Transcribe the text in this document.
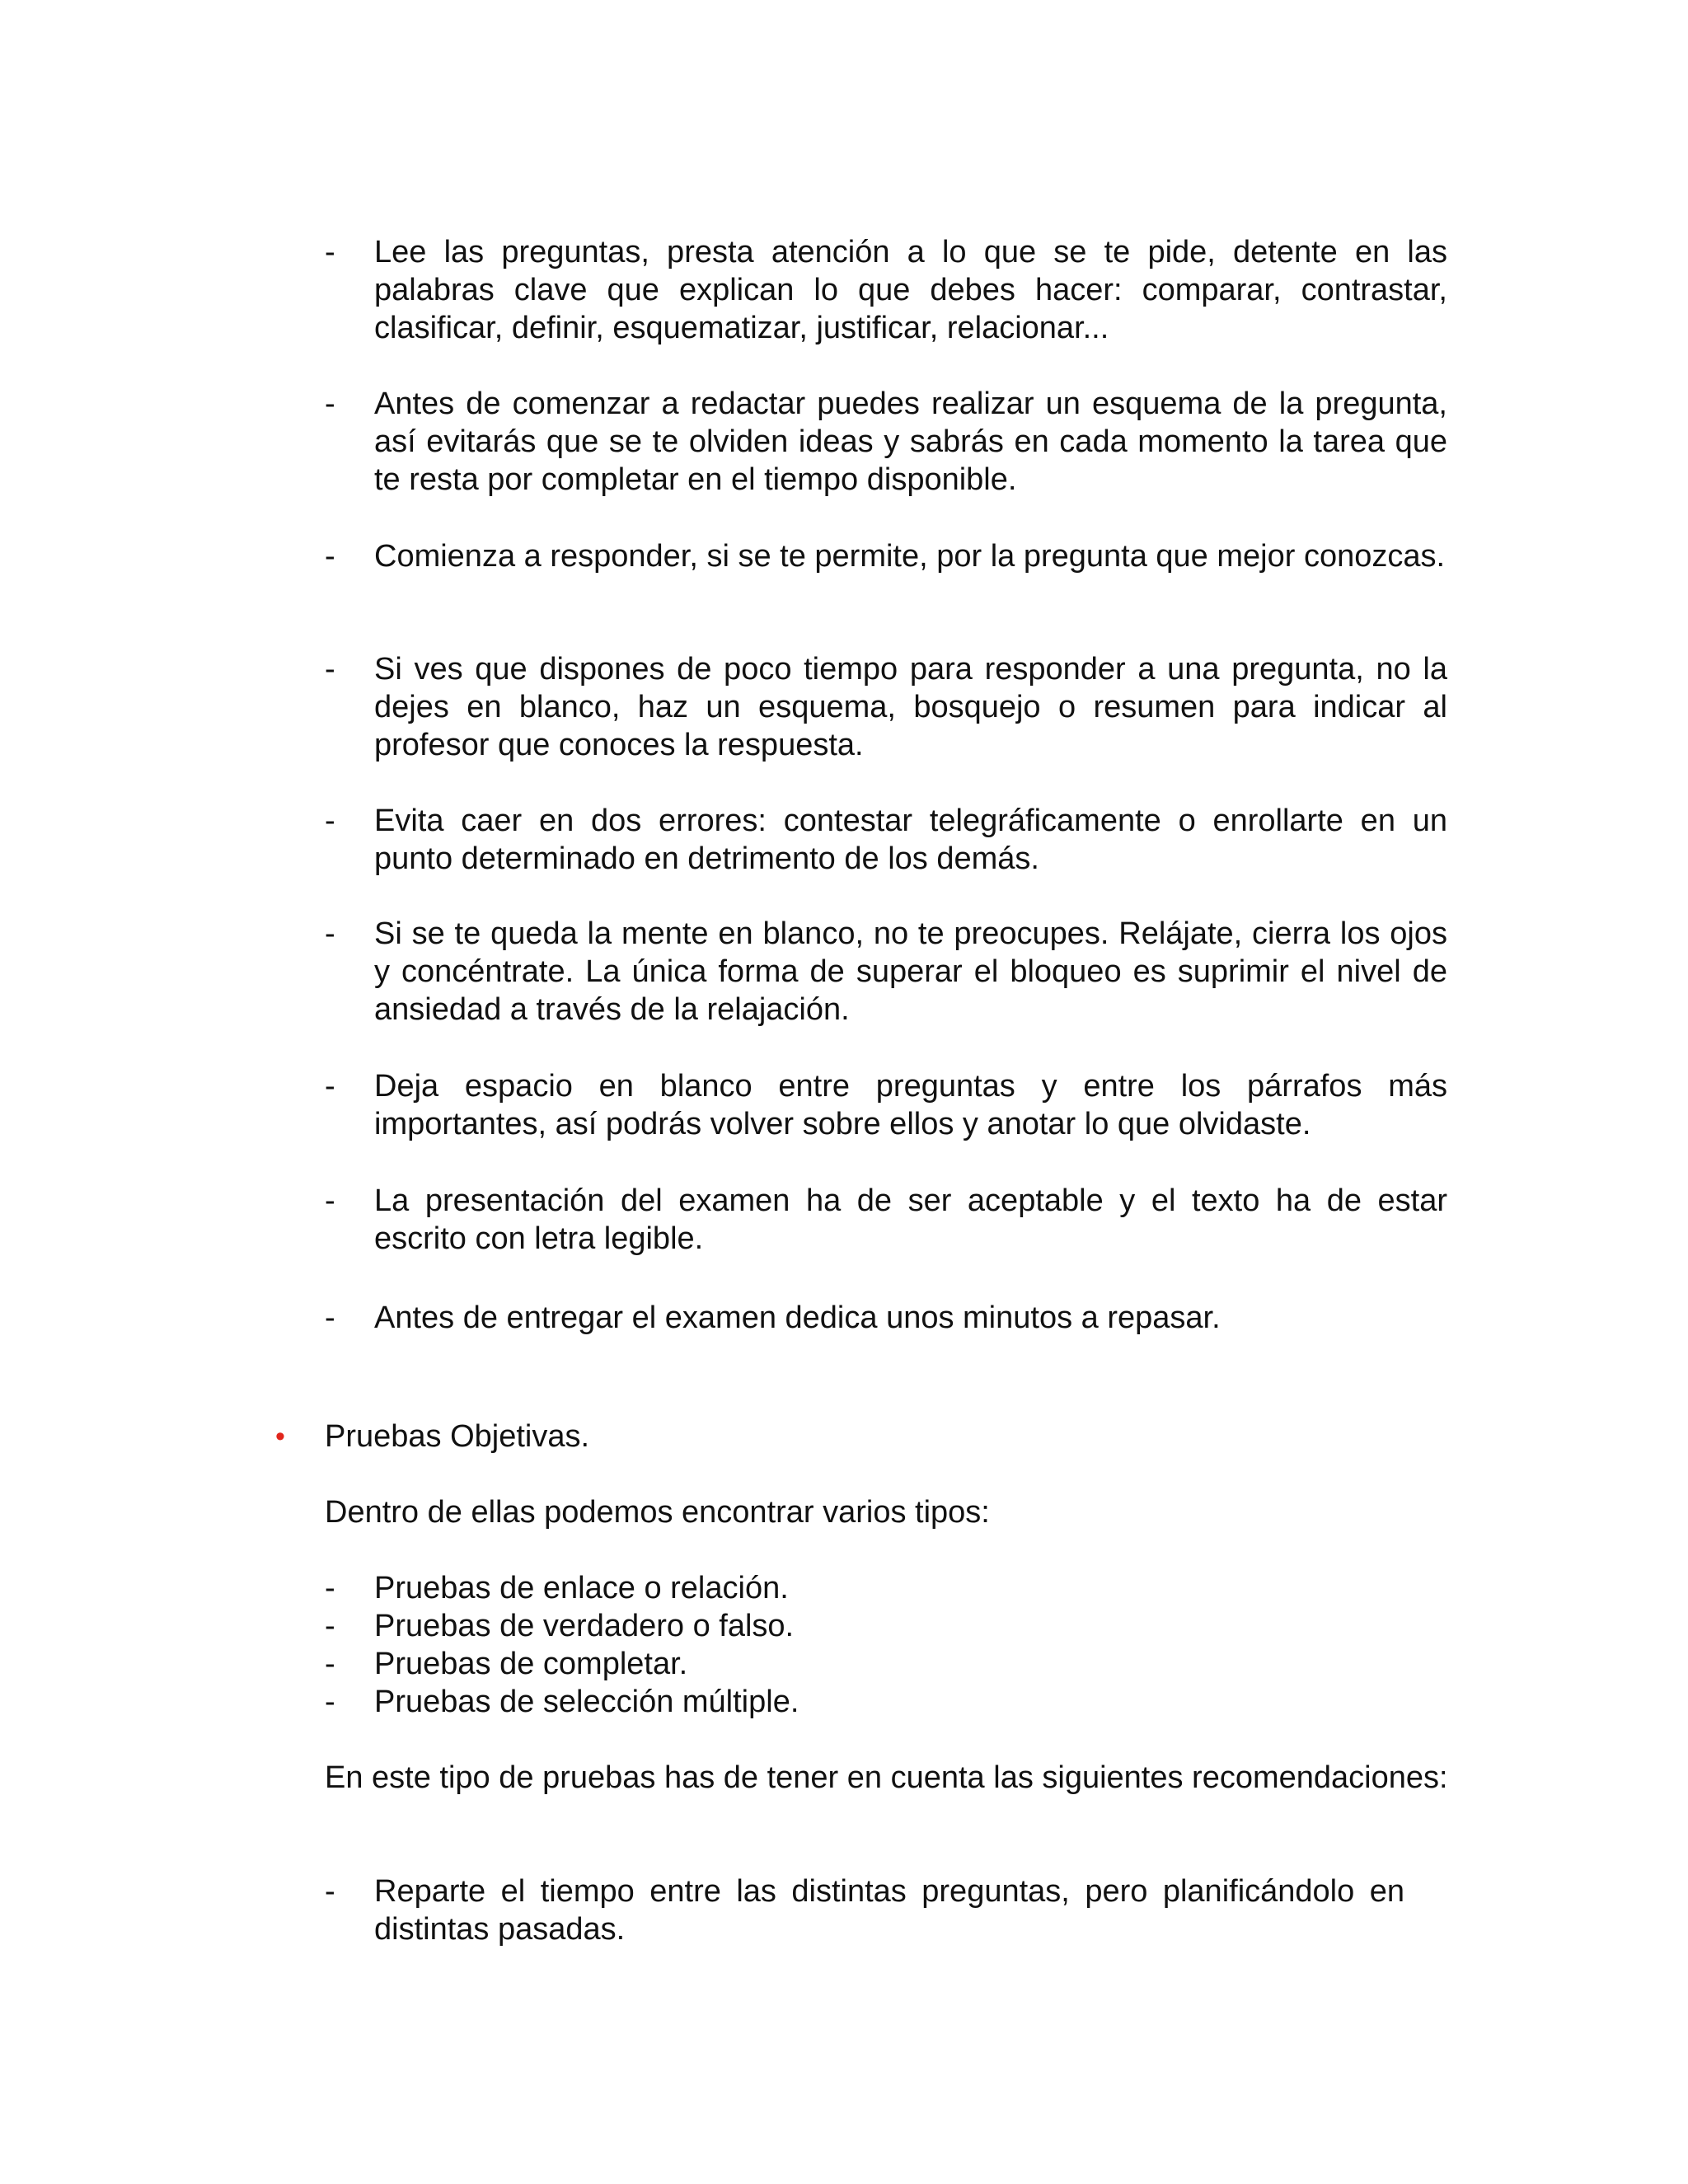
- Lee las preguntas, presta atención a lo que se te pide, detente en las palabras clave que explican lo que debes hacer: comparar, contrastar, clasificar, definir, esquematizar, justificar, relacionar...
- Antes de comenzar a redactar puedes realizar un esquema de la pregunta, así evitarás que se te olviden ideas y sabrás en cada momento la tarea que te resta por completar en el tiempo disponible.
- Comienza a responder, si se te permite, por la pregunta que mejor conozcas.
- Si ves que dispones de poco tiempo para responder a una pregunta, no la dejes en blanco, haz un esquema, bosquejo o resumen para indicar al profesor que conoces la respuesta.
- Evita caer en dos errores: contestar telegráficamente o enrollarte en un punto determinado en detrimento de los demás.
- Si se te queda la mente en blanco, no te preocupes. Relájate, cierra los ojos y concéntrate. La única forma de superar el bloqueo es suprimir el nivel de ansiedad a través de la relajación.
- Deja espacio en blanco entre preguntas y entre los párrafos más importantes, así podrás volver sobre ellos y anotar lo que olvidaste.
- La presentación del examen ha de ser aceptable y el texto ha de estar escrito con letra legible.
- Antes de entregar el examen dedica unos minutos a repasar.
• Pruebas Objetivas.
Dentro de ellas podemos encontrar varios tipos:
- Pruebas de enlace o relación.
- Pruebas de verdadero o falso.
- Pruebas de completar.
- Pruebas de selección múltiple.
En este tipo de pruebas has de tener en cuenta las siguientes recomendaciones:
- Reparte el tiempo entre las distintas preguntas, pero planificándolo en distintas pasadas.
